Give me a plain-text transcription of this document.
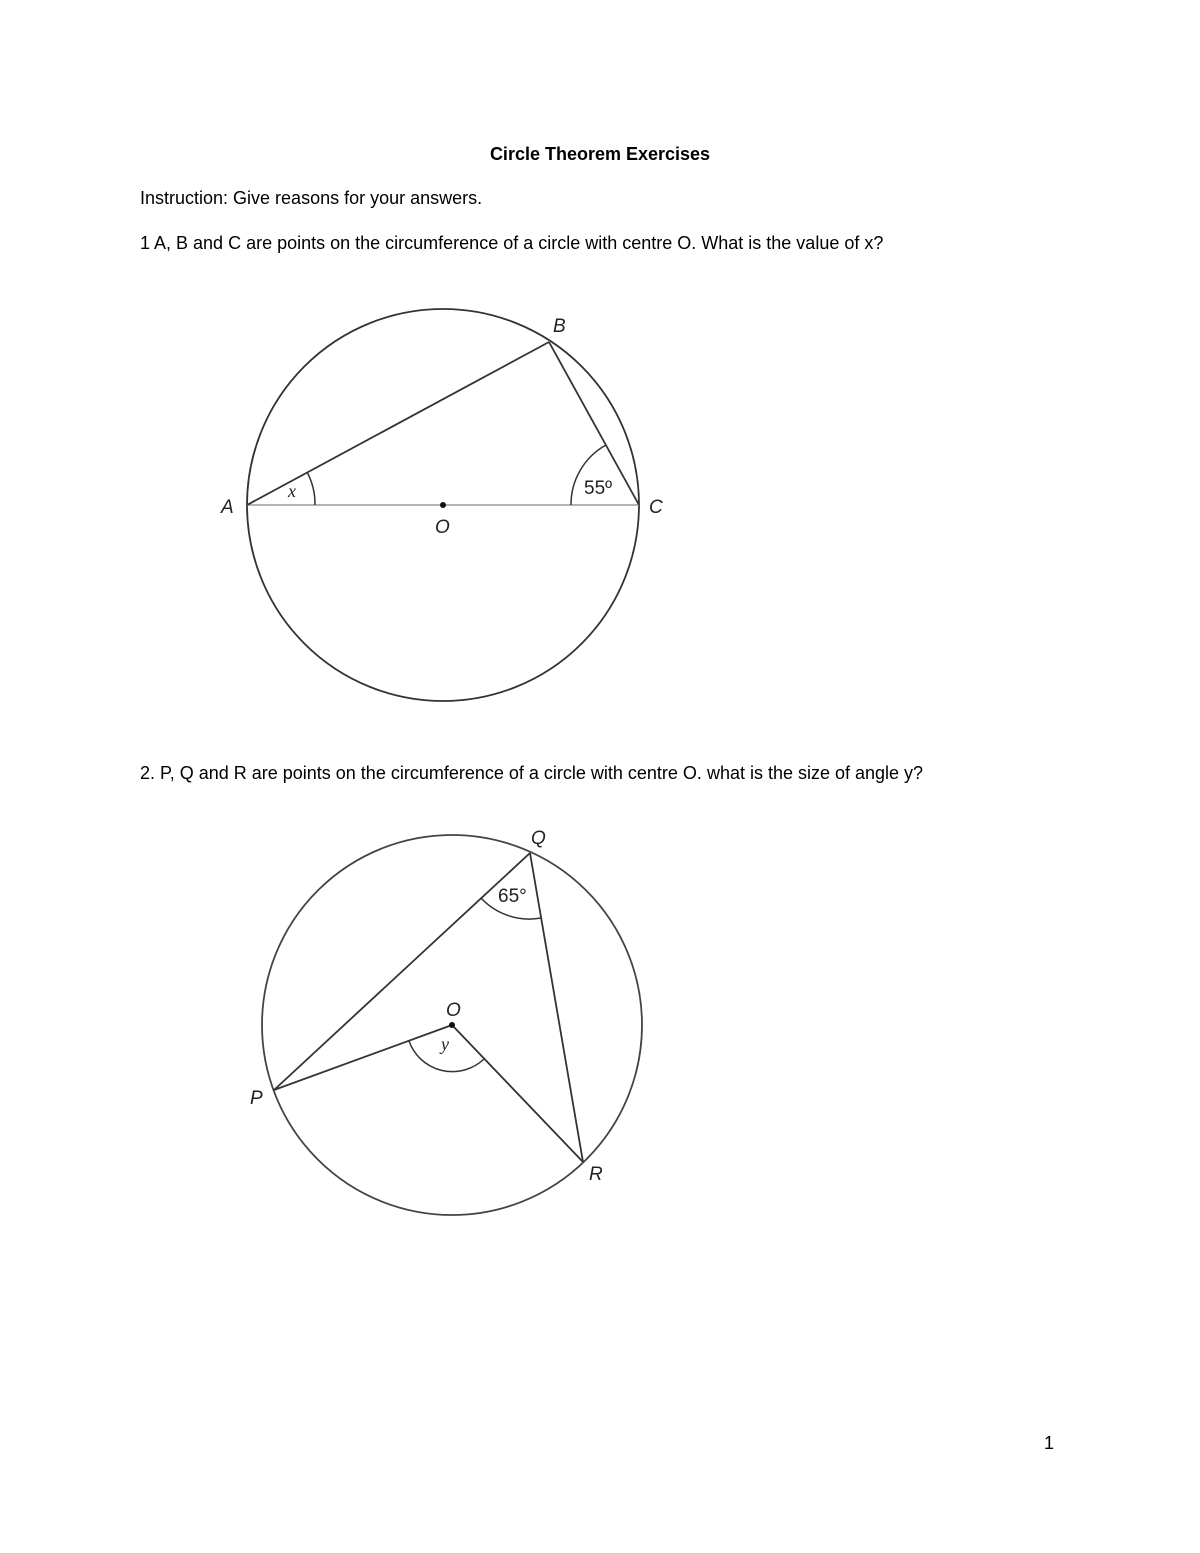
Circle Theorem Exercises
Instruction: Give reasons for your answers.
1 A, B and C are points on the circumference of a circle with centre O. What is the value of x?
A
B
C
O
x	55º
2. P, Q and R are points on the circumference of a circle with centre O. what is the size of angle y?
P
Q
R
O
y
65°
1
